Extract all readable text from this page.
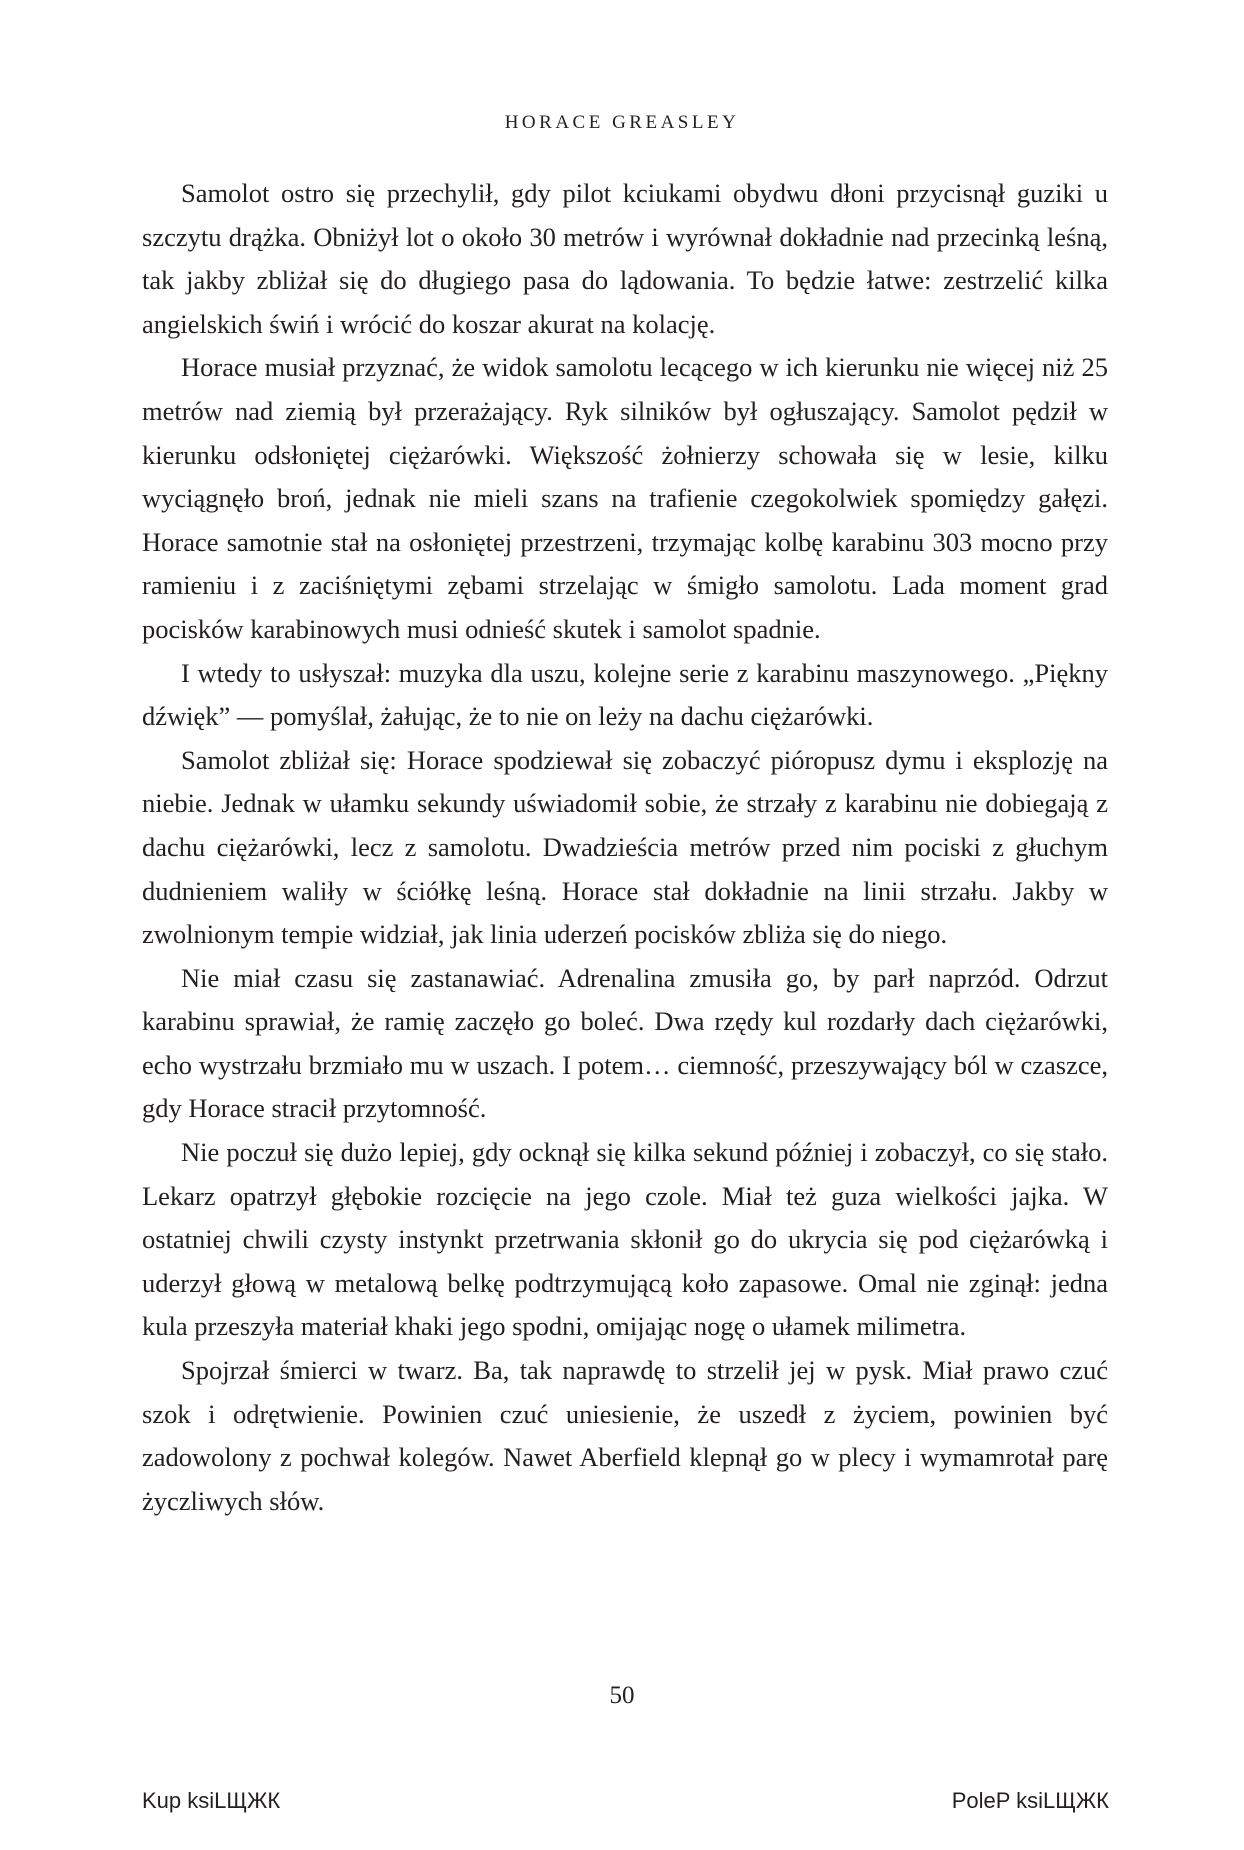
HORACE GREASLEY

Samolot ostro się przechylił, gdy pilot kciukami obydwu dłoni przycisnął guziki u szczytu drążka. Obniżył lot o około 30 metrów i wyrównał dokładnie nad przecinką leśną, tak jakby zbliżał się do długiego pasa do lądowania. To będzie łatwe: zestrzelić kilka angielskich świń i wrócić do koszar akurat na kolację.

Horace musiał przyznać, że widok samolotu lecącego w ich kierunku nie więcej niż 25 metrów nad ziemią był przerażający. Ryk silników był ogłuszający. Samolot pędził w kierunku odsłoniętej ciężarówki. Większość żołnierzy schowała się w lesie, kilku wyciągnęło broń, jednak nie mieli szans na trafienie czegokolwiek spomiędzy gałęzi. Horace samotnie stał na osłoniętej przestrzeni, trzymając kolbę karabinu 303 mocno przy ramieniu i z zaciśniętymi zębami strzelając w śmigło samolotu. Lada moment grad pocisków karabinowych musi odnieść skutek i samolot spadnie.

I wtedy to usłyszał: muzyka dla uszu, kolejne serie z karabinu maszynowego. „Piękny dźwięk” — pomyślał, żałując, że to nie on leży na dachu ciężarówki.

Samolot zbliżał się: Horace spodziewał się zobaczyć pióropusz dymu i eksplozję na niebie. Jednak w ułamku sekundy uświadomił sobie, że strzały z karabinu nie dobiegają z dachu ciężarówki, lecz z samolotu. Dwadzieścia metrów przed nim pociski z głuchym dudnieniem waliły w ściółkę leśną. Horace stał dokładnie na linii strzału. Jakby w zwolnionym tempie widział, jak linia uderzeń pocisków zbliża się do niego.

Nie miał czasu się zastanawiać. Adrenalina zmusiła go, by parł naprzód. Odrzut karabinu sprawiał, że ramię zaczęło go boleć. Dwa rzędy kul rozdarły dach ciężarówki, echo wystrzału brzmiało mu w uszach. I potem… ciemność, przeszywający ból w czaszce, gdy Horace stracił przytomność.

Nie poczuł się dużo lepiej, gdy ocknął się kilka sekund później i zobaczył, co się stało. Lekarz opatrzył głębokie rozcięcie na jego czole. Miał też guza wielkości jajka. W ostatniej chwili czysty instynkt przetrwania skłonił go do ukrycia się pod ciężarówką i uderzył głową w metalową belkę podtrzymującą koło zapasowe. Omal nie zginął: jedna kula przeszyła materiał khaki jego spodni, omijając nogę o ułamek milimetra.

Spojrzał śmierci w twarz. Ba, tak naprawdę to strzelił jej w pysk. Miał prawo czuć szok i odrętwienie. Powinien czuć uniesienie, że uszedł z życiem, powinien być zadowolony z pochwał kolegów. Nawet Aberfield klepnął go w plecy i wymamrotał parę życzliwych słów.

50
Kup ksiLЩЖК	PoleP ksiLЩЖК
